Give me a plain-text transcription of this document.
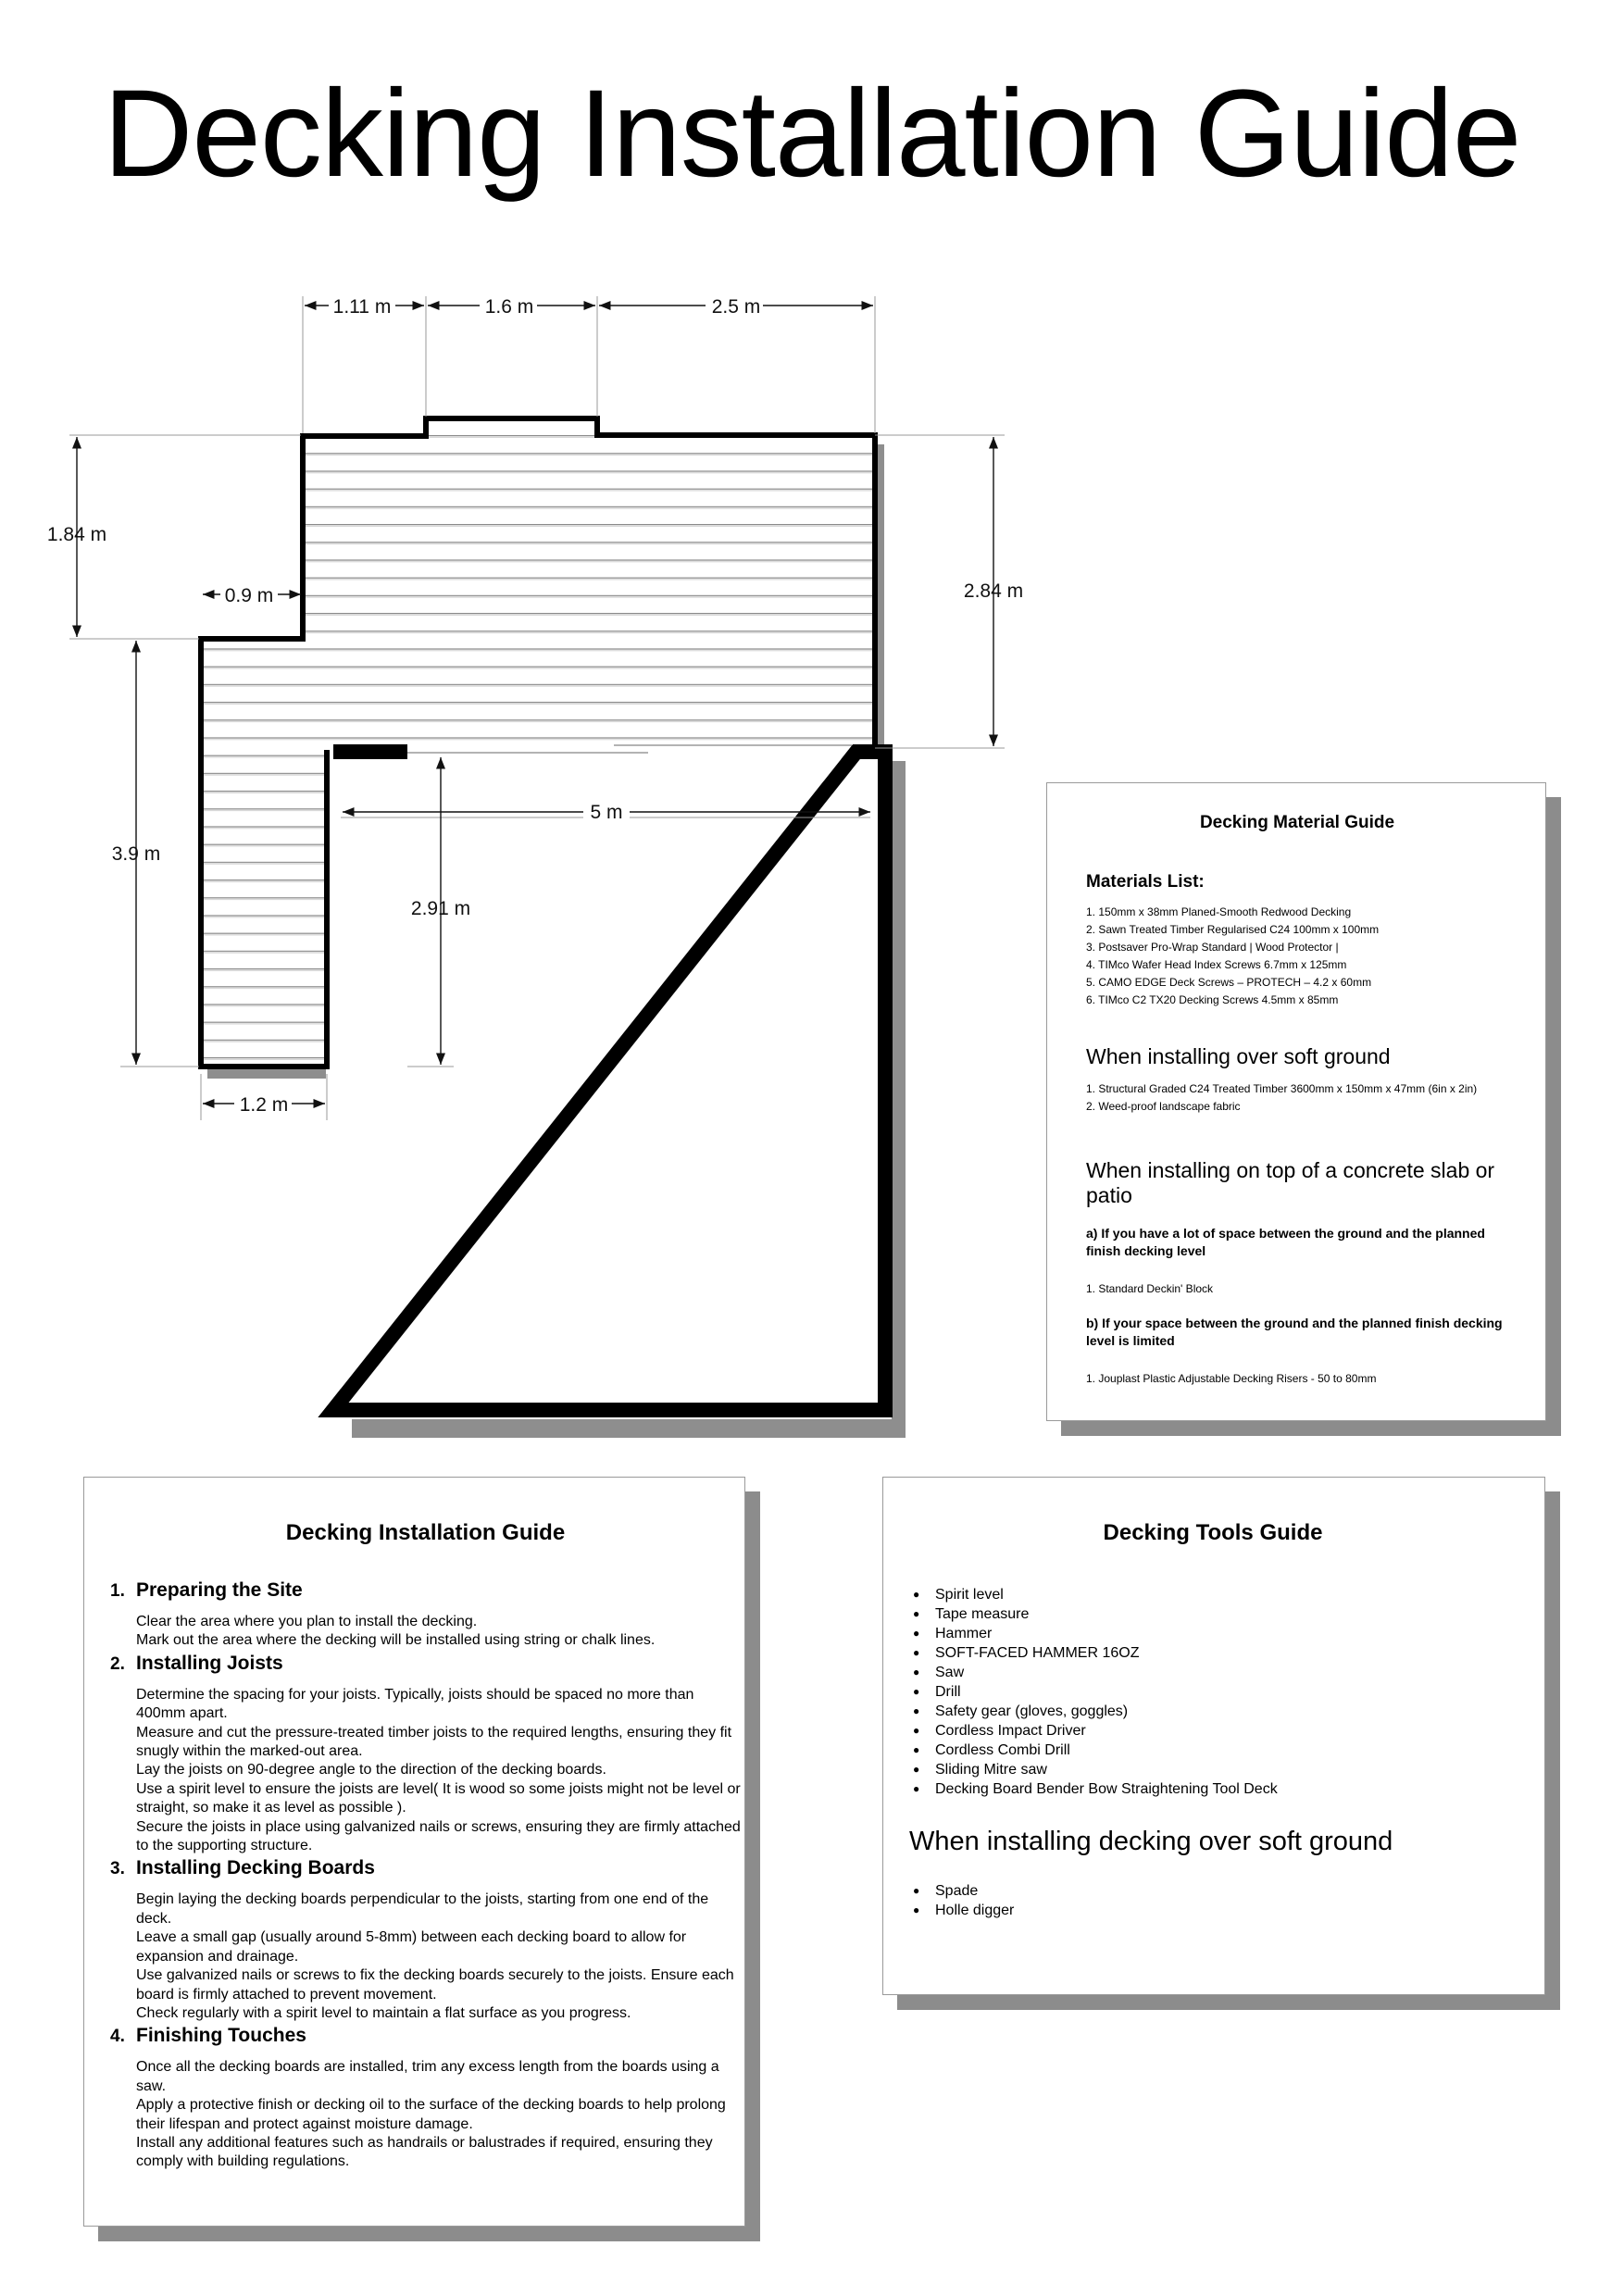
Decking Installation Guide
1.11 m	1.6 m	2.5 m
1.84 m
0.9 m
3.9 m
1.2 m
2.84 m
5 m
2.91 m
Decking Material Guide
Materials List:
1. 150mm x 38mm Planed-Smooth Redwood Decking
2. Sawn Treated Timber Regularised C24 100mm x 100mm
3. Postsaver Pro-Wrap Standard | Wood Protector |
4. TIMco Wafer Head Index Screws 6.7mm x 125mm
5. CAMO EDGE Deck Screws – PROTECH – 4.2 x 60mm
6. TIMco C2 TX20 Decking Screws 4.5mm x 85mm
When installing over soft ground
1. Structural Graded C24 Treated Timber 3600mm x 150mm x 47mm (6in x 2in)
2. Weed-proof landscape fabric
When installing on top of a concrete slab or patio

a) If you have a lot of space between the ground and the planned finish decking level

1. Standard Deckin' Block

b) If your space between the ground and the planned finish decking level is limited

1. Jouplast Plastic Adjustable Decking Risers - 50 to 80mm
Decking Installation Guide
1. Preparing the Site

Clear the area where you plan to install the decking.

Mark out the area where the decking will be installed using string or chalk lines.

2. Installing Joists

Determine the spacing for your joists. Typically, joists should be spaced no more than 400mm apart.

Measure and cut the pressure-treated timber joists to the required lengths, ensuring they fit snugly within the marked-out area.

Lay the joists on 90-degree angle to the direction of the decking boards.

Use a spirit level to ensure the joists are level( It is wood so some joists might not be level or straight, so make it as level as possible ).

Secure the joists in place using galvanized nails or screws, ensuring they are firmly attached to the supporting structure.

3. Installing Decking Boards

Begin laying the decking boards perpendicular to the joists, starting from one end of the deck.

Leave a small gap (usually around 5-8mm) between each decking board to allow for expansion and drainage.

Use galvanized nails or screws to fix the decking boards securely to the joists. Ensure each board is firmly attached to prevent movement.

Check regularly with a spirit level to maintain a flat surface as you progress.

4. Finishing Touches

Once all the decking boards are installed, trim any excess length from the boards using a saw.

Apply a protective finish or decking oil to the surface of the decking boards to help prolong their lifespan and protect against moisture damage.

Install any additional features such as handrails or balustrades if required, ensuring they comply with building regulations.

Decking Tools Guide
● Spirit level
● Tape measure
● Hammer
● SOFT-FACED HAMMER 16OZ
● Saw
● Drill
● Safety gear (gloves, goggles)
● Cordless Impact Driver
● Cordless Combi Drill
● Sliding Mitre saw
● Decking Board Bender Bow Straightening Tool Deck
When installing decking over soft ground
● Spade
● Holle digger
